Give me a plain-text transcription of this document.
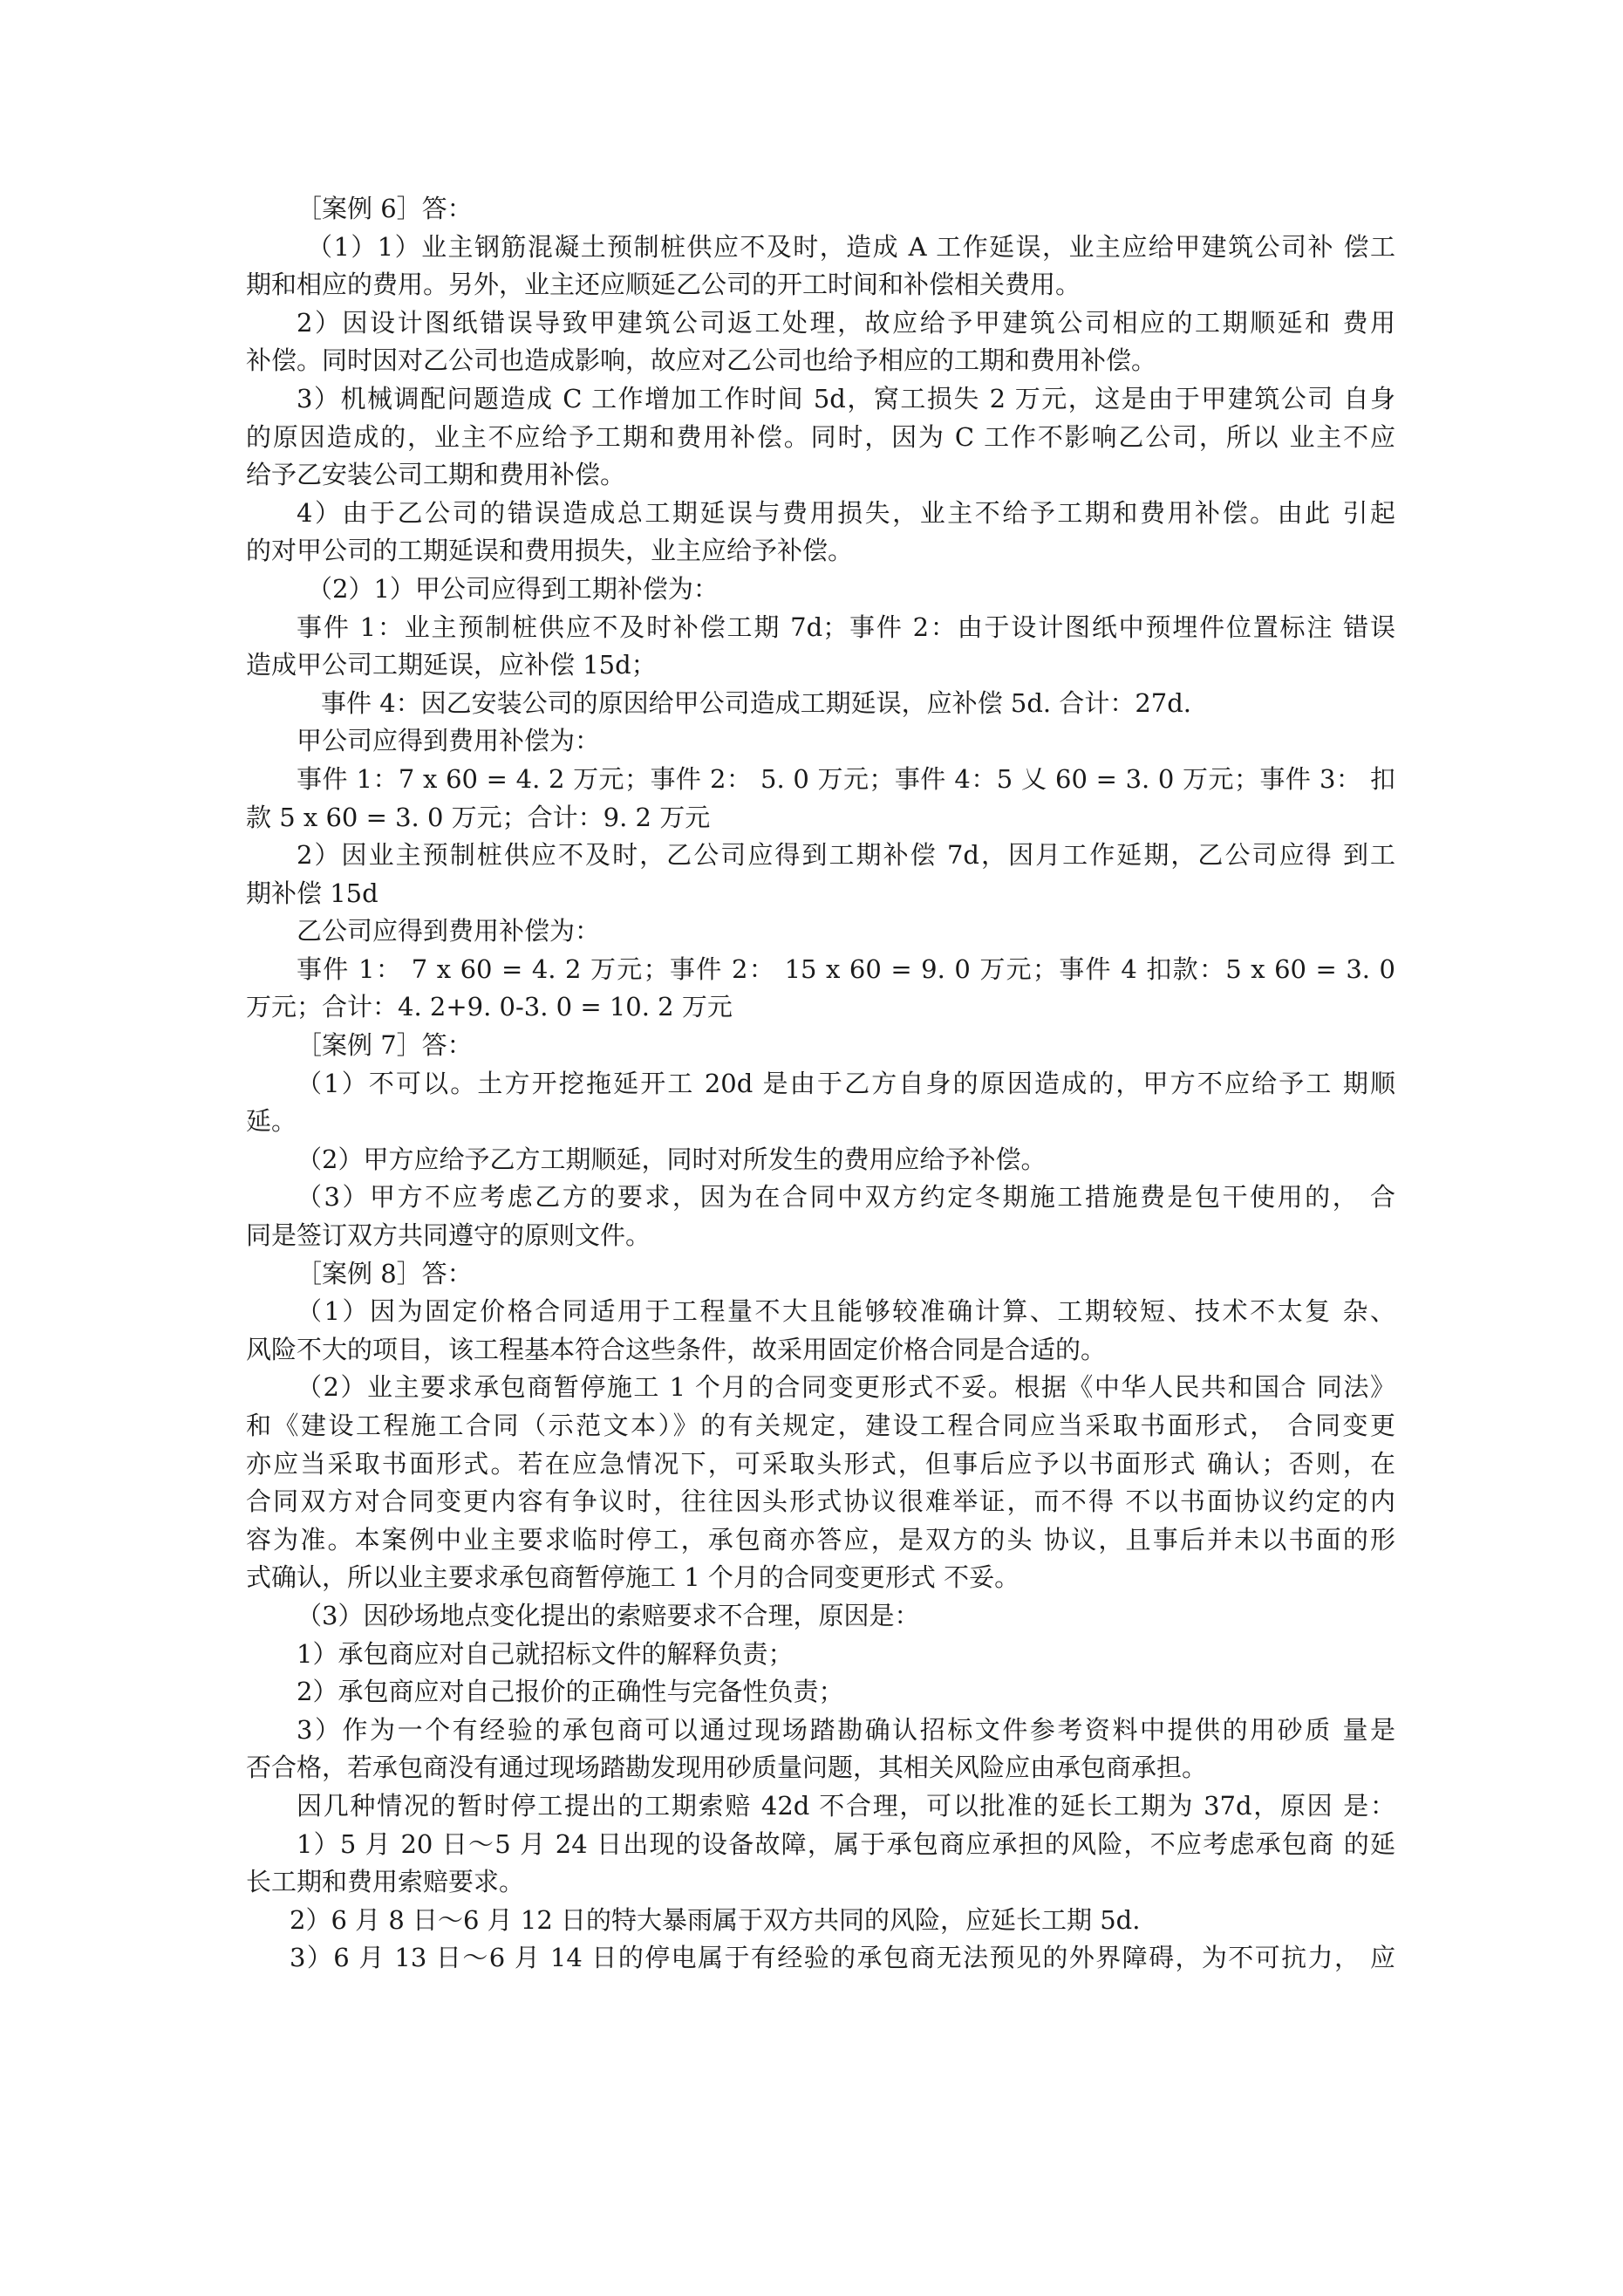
［案例 6］答：
（1）1）业主钢筋混凝土预制桩供应不及时，造成 A 工作延误，业主应给甲建筑公司补 偿工
期和相应的费用。另外，业主还应顺延乙公司的开工时间和补偿相关费用。
2）因设计图纸错误导致甲建筑公司返工处理，故应给予甲建筑公司相应的工期顺延和 费用
补偿。同时因对乙公司也造成影响，故应对乙公司也给予相应的工期和费用补偿。
3）机械调配问题造成 C 工作增加工作时间 5d，窝工损失 2 万元，这是由于甲建筑公司 自身
的原因造成的，业主不应给予工期和费用补偿。同时，因为 C 工作不影响乙公司，所以 业主不应
给予乙安装公司工期和费用补偿。
4）由于乙公司的错误造成总工期延误与费用损失，业主不给予工期和费用补偿。由此 引起
的对甲公司的工期延误和费用损失，业主应给予补偿。
（2）1）甲公司应得到工期补偿为：
事件 1：业主预制桩供应不及时补偿工期 7d；事件 2：由于设计图纸中预埋件位置标注 错误
造成甲公司工期延误，应补偿 15d；
事件 4：因乙安装公司的原因给甲公司造成工期延误，应补偿 5d. 合计：27d.
甲公司应得到费用补偿为：
事件 1：7 x 60 = 4. 2 万元；事件 2： 5. 0 万元；事件 4：5 乂 60 = 3. 0 万元；事件 3： 扣
款 5 x 60 = 3. 0 万元；合计：9. 2 万元
2）因业主预制桩供应不及时，乙公司应得到工期补偿 7d，因月工作延期，乙公司应得 到工
期补偿 15d
乙公司应得到费用补偿为：
事件 1： 7 x 60 = 4. 2 万元；事件 2： 15 x 60 = 9. 0 万元；事件 4 扣款：5 x 60 = 3. 0
万元；合计：4. 2+9. 0-3. 0 = 10. 2 万元
［案例 7］答：
（1）不可以。土方开挖拖延开工 20d 是由于乙方自身的原因造成的，甲方不应给予工 期顺
延。
（2）甲方应给予乙方工期顺延，同时对所发生的费用应给予补偿。
（3）甲方不应考虑乙方的要求，因为在合同中双方约定冬期施工措施费是包干使用的， 合
同是签订双方共同遵守的原则文件。
［案例 8］答：
（1）因为固定价格合同适用于工程量不大且能够较准确计算、工期较短、技术不太复 杂、
风险不大的项目，该工程基本符合这些条件，故采用固定价格合同是合适的。
（2）业主要求承包商暂停施工 1 个月的合同变更形式不妥。根据《中华人民共和国合 同法》
和《建设工程施工合同（示范文本）》的有关规定，建设工程合同应当采取书面形式， 合同变更
亦应当采取书面形式。若在应急情况下，可采取头形式，但事后应予以书面形式 确认；否则，在
合同双方对合同变更内容有争议时，往往因头形式协议很难举证，而不得 不以书面协议约定的内
容为准。本案例中业主要求临时停工，承包商亦答应，是双方的头 协议，且事后并未以书面的形
式确认，所以业主要求承包商暂停施工 1 个月的合同变更形式 不妥。
（3）因砂场地点变化提出的索赔要求不合理，原因是：
1）承包商应对自己就招标文件的解释负责；
2）承包商应对自己报价的正确性与完备性负责；
3）作为一个有经验的承包商可以通过现场踏勘确认招标文件参考资料中提供的用砂质 量是
否合格，若承包商没有通过现场踏勘发现用砂质量问题，其相关风险应由承包商承担。
因几种情况的暂时停工提出的工期索赔 42d 不合理，可以批准的延长工期为 37d，原因 是：
1）5 月 20 日〜5 月 24 日出现的设备故障，属于承包商应承担的风险，不应考虑承包商 的延
长工期和费用索赔要求。
2）6 月 8 日〜6 月 12 日的特大暴雨属于双方共同的风险，应延长工期 5d.
3）6 月 13 日〜6 月 14 日的停电属于有经验的承包商无法预见的外界障碍，为不可抗力， 应
